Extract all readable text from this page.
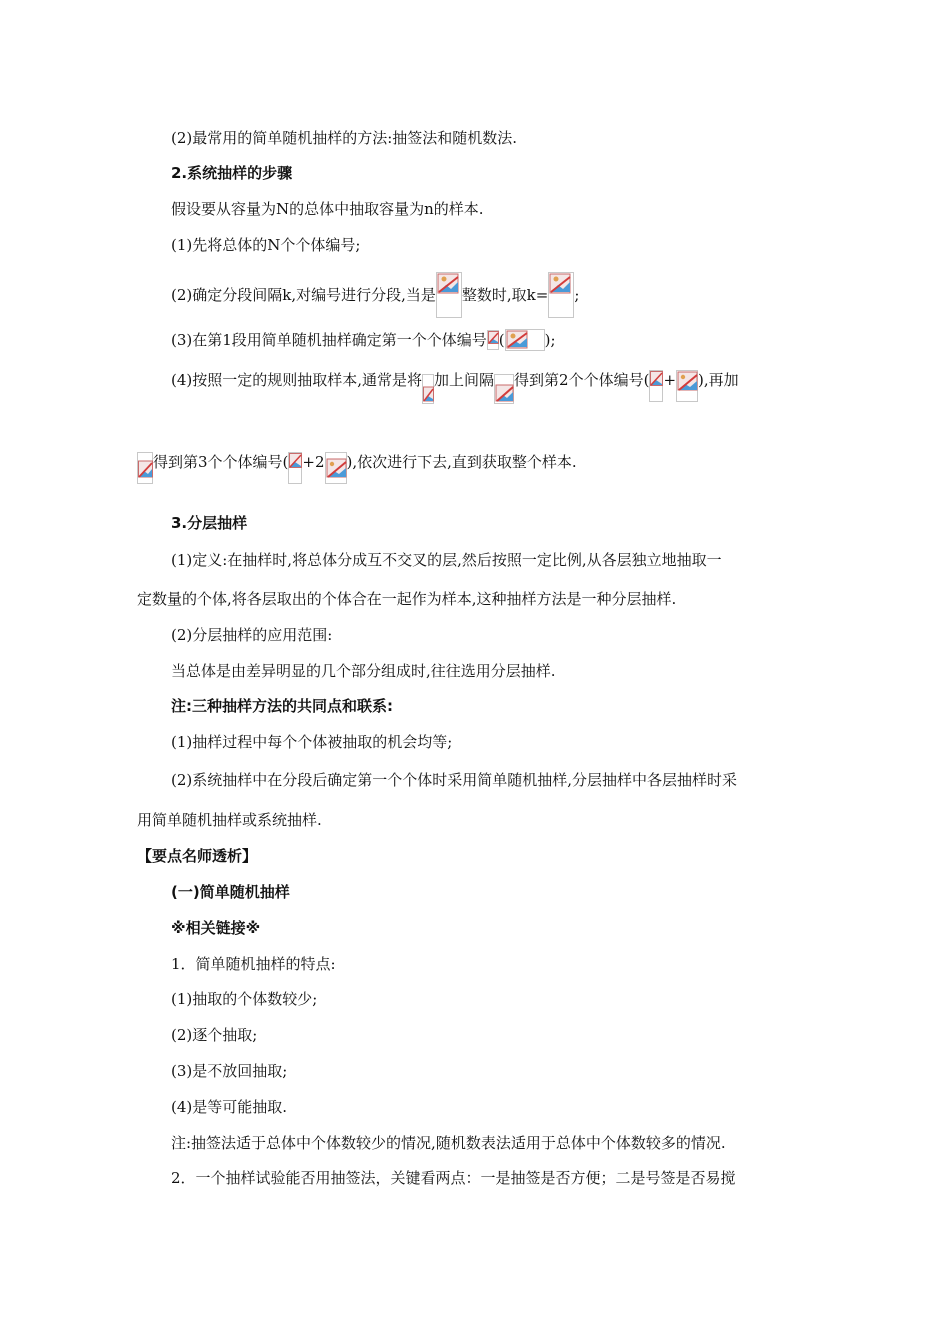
(2)最常用的简单随机抽样的方法:抽签法和随机数法.
2.系统抽样的步骤
假设要从容量为N的总体中抽取容量为n的样本.
(1)先将总体的N个个体编号;
(2)确定分段间隔k,对编号进行分段,当是 整数时,取k= ;
(3)在第1段用简单随机抽样确定第一个个体编号 (	);
(4)按照一定的规则抽取样本,通常是将 加上间隔 得到第2个个体编号( + ),再加
得到第3个个体编号( +2 ),依次进行下去,直到获取整个样本.
3.分层抽样
(1)定义:在抽样时,将总体分成互不交叉的层,然后按照一定比例,从各层独立地抽取一
定数量的个体,将各层取出的个体合在一起作为样本,这种抽样方法是一种分层抽样.
(2)分层抽样的应用范围:
当总体是由差异明显的几个部分组成时,往往选用分层抽样.
注:三种抽样方法的共同点和联系:
(1)抽样过程中每个个体被抽取的机会均等;
(2)系统抽样中在分段后确定第一个个体时采用简单随机抽样,分层抽样中各层抽样时采
用简单随机抽样或系统抽样.
【要点名师透析】
(一)简单随机抽样
※相关链接※
1．简单随机抽样的特点:
(1)抽取的个体数较少;
(2)逐个抽取;
(3)是不放回抽取;
(4)是等可能抽取.
注:抽签法适于总体中个体数较少的情况,随机数表法适用于总体中个体数较多的情况.
2．一个抽样试验能否用抽签法，关键看两点：一是抽签是否方便；二是号签是否易搅
